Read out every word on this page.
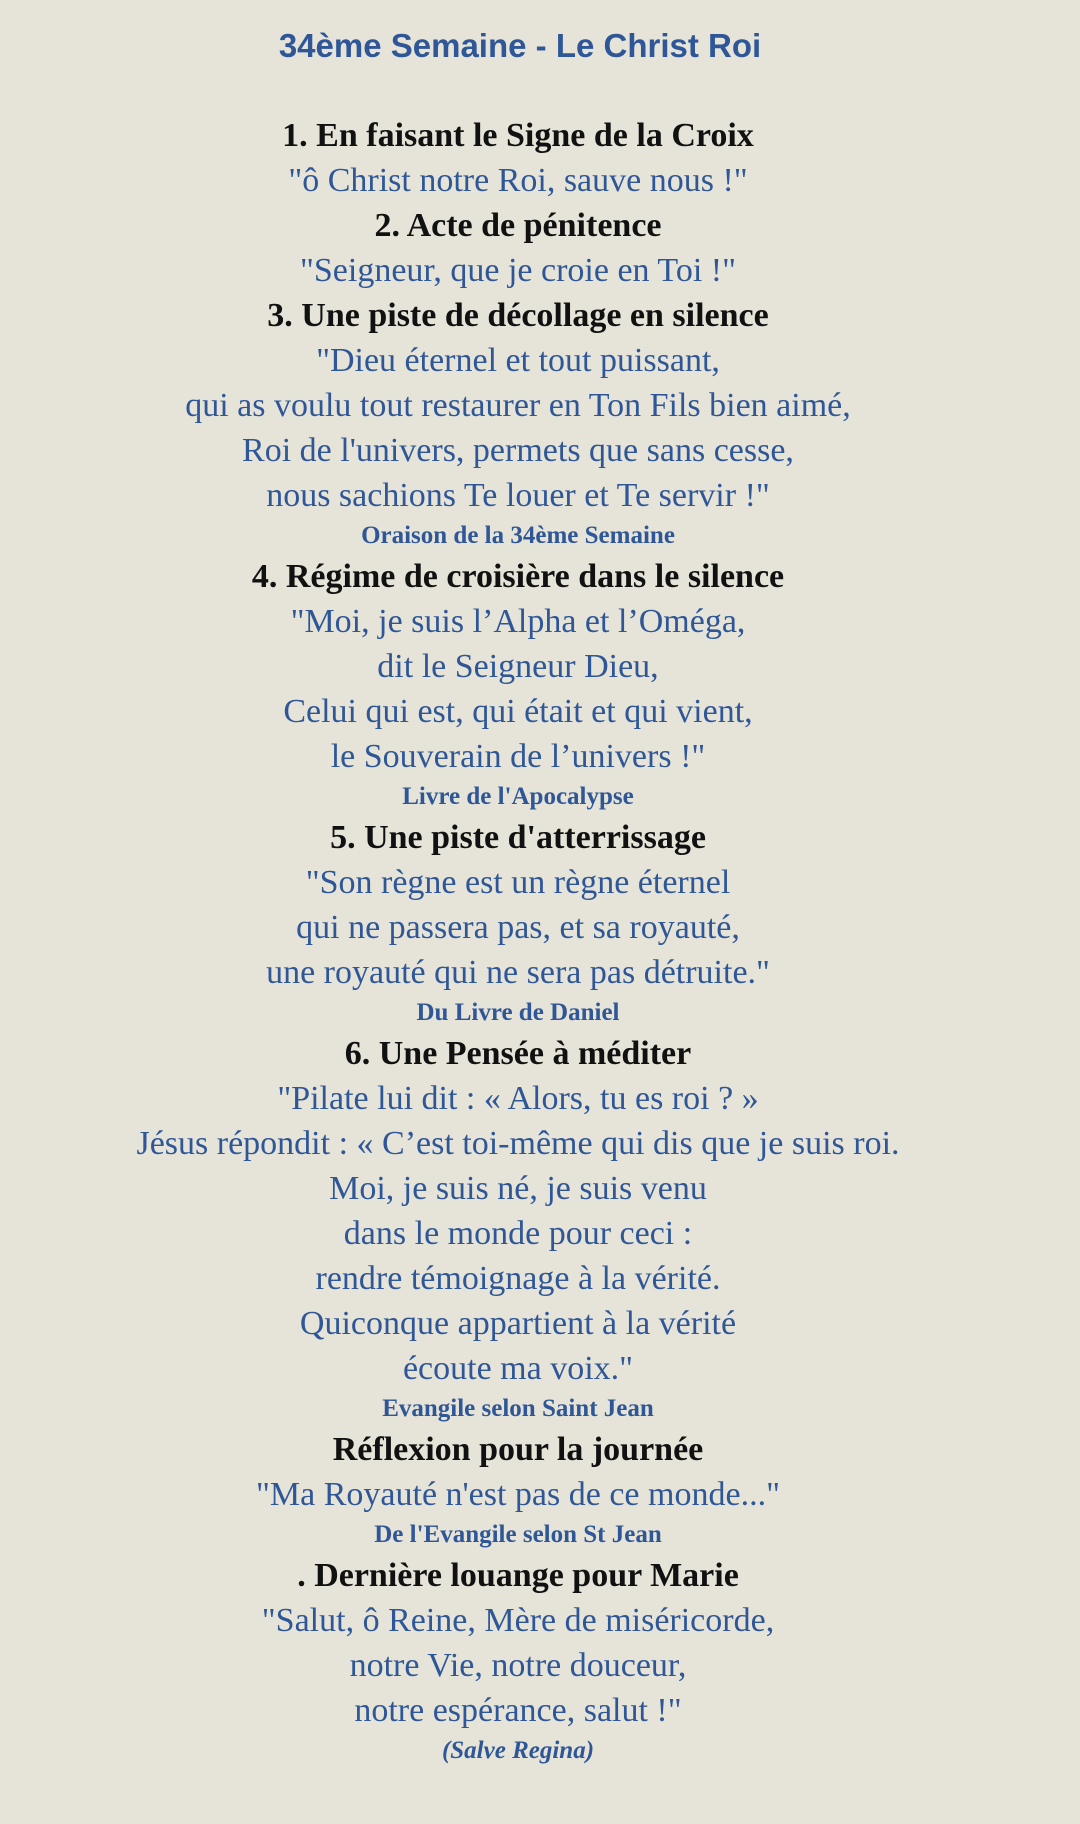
34ème Semaine - Le Christ Roi
1. En faisant le Signe de la Croix
"ô Christ notre Roi, sauve nous !"
2. Acte de pénitence
"Seigneur, que je croie en Toi !"
3. Une piste de décollage en silence
"Dieu éternel et tout puissant,
qui as voulu tout restaurer en Ton Fils bien aimé,
Roi de l'univers, permets que sans cesse,
nous sachions Te louer et Te servir !"
Oraison de la 34ème Semaine
4. Régime de croisière dans le silence
"Moi, je suis l’Alpha et l’Oméga,
dit le Seigneur Dieu,
Celui qui est, qui était et qui vient,
le Souverain de l’univers !"
Livre de l'Apocalypse
5. Une piste d'atterrissage
"Son règne est un règne éternel
qui ne passera pas, et sa royauté,
une royauté qui ne sera pas détruite."
Du Livre de Daniel
6. Une Pensée à méditer
"Pilate lui dit : « Alors, tu es roi ? »
Jésus répondit : « C’est toi-même qui dis que je suis roi.
Moi, je suis né, je suis venu
dans le monde pour ceci :
rendre témoignage à la vérité.
Quiconque appartient à la vérité
écoute ma voix."
Evangile selon Saint Jean
Réflexion pour la journée
"Ma Royauté n'est pas de ce monde..."
De l'Evangile selon St Jean
. Dernière louange pour Marie
"Salut, ô Reine, Mère de miséricorde,
notre Vie, notre douceur,
notre espérance, salut !"
(Salve Regina)
